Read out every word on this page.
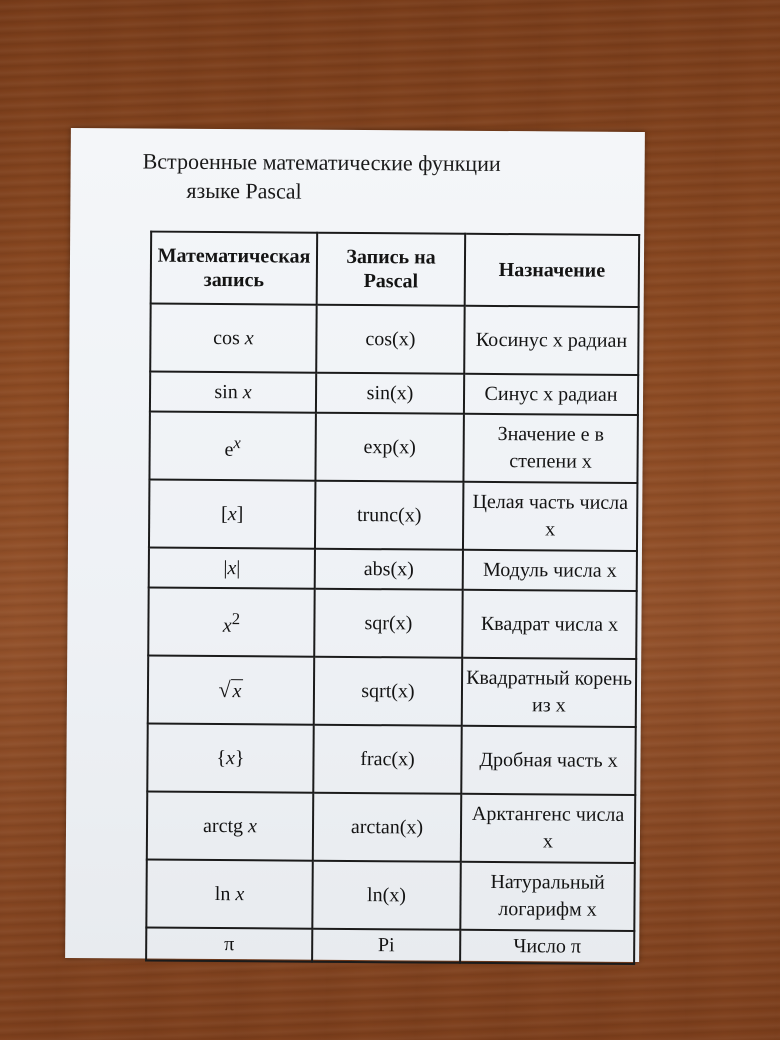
Встроенные математические функции
языке Pascal
Математическая запись	Запись на Pascal	Назначение
cos x	cos(x)	Косинус x радиан
sin x	sin(x)	Синус x радиан
$e^x$	exp(x)	Значение e в степени x
[x]	trunc(x)	Целая часть числа x
|x|	abs(x)	Модуль числа x
$x^2$	sqr(x)	Квадрат числа x
√x	sqrt(x)	Квадратный корень из x
{x}	frac(x)	Дробная часть x
arctg x	arctan(x)	Арктангенс числа x
ln x	ln(x)	Натуральный логарифм x
π	Pi	Число π
